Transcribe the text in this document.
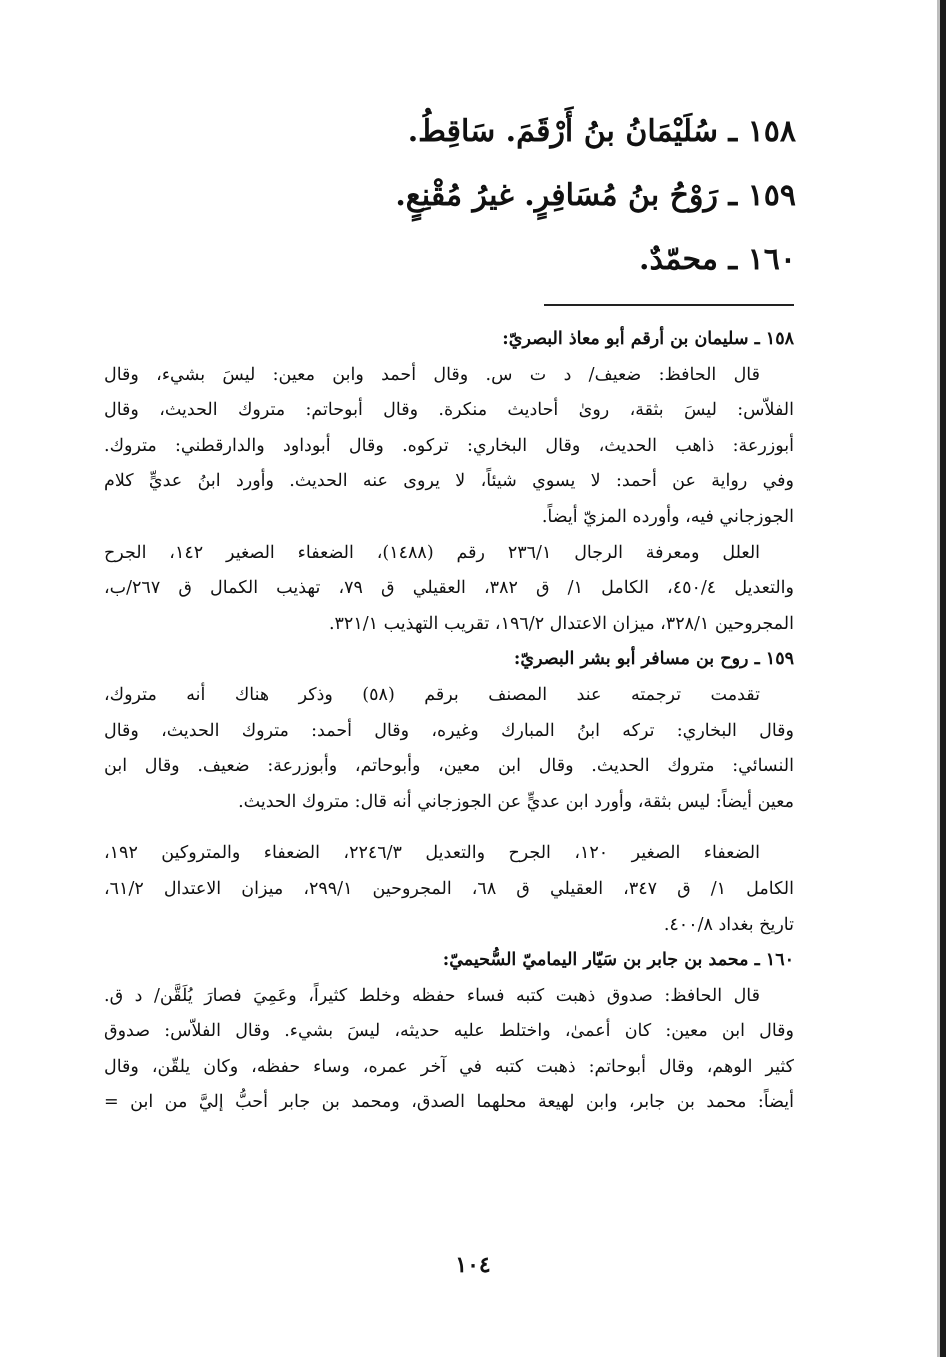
١٥٨ ـ سُلَيْمَانُ بنُ أَرْقَمَ. سَاقِطُ.
١٥٩ ـ رَوْحُ بنُ مُسَافِرٍ. غيرُ مُقْنِعٍ.
١٦٠ ـ محمّدٌ.
١٥٨ ـ سليمان بن أرقم أبو معاذ البصريّ:
قال الحافظ: ضعيف/ د ت س. وقال أحمد وابن معين: ليسَ بشيء، وقال
الفلاّس: ليسَ بثقة، روىٰ أحاديث منكرة. وقال أبوحاتم: متروك الحديث، وقال
أبوزرعة: ذاهب الحديث، وقال البخاري: تركوه. وقال أبوداود والدارقطني: متروك.
وفي رواية عن أحمد: لا يسوي شيئاً، لا يروى عنه الحديث. وأورد ابنُ عديٍّ كلام
الجوزجاني فيه، وأورده المزيّ أيضاً.
العلل ومعرفة الرجال ٢٣٦/١ رقم (١٤٨٨)، الضعفاء الصغير ١٤٢، الجرح
والتعديل ٤٥٠/٤، الكامل ١/ ق ٣٨٢، العقيلي ق ٧٩، تهذيب الكمال ق ٢٦٧/ب،
المجروحين ٣٢٨/١، ميزان الاعتدال ١٩٦/٢، تقريب التهذيب ٣٢١/١.
١٥٩ ـ روح بن مسافر أبو بشر البصريّ:
تقدمت ترجمته عند المصنف برقم (٥٨) وذكر هناك أنه متروك،
وقال البخاري: تركه ابنُ المبارك وغيره، وقال أحمد: متروك الحديث، وقال
النسائي: متروك الحديث. وقال ابن معين، وأبوحاتم، وأبوزرعة: ضعيف. وقال ابن
معين أيضاً: ليس بثقة، وأورد ابن عديٍّ عن الجوزجاني أنه قال: متروك الحديث.
الضعفاء الصغير ١٢٠، الجرح والتعديل ٢٢٤٦/٣، الضعفاء والمتروكين ١٩٢،
الكامل ١/ ق ٣٤٧، العقيلي ق ٦٨، المجروحين ٢٩٩/١، ميزان الاعتدال ٦١/٢،
تاريخ بغداد ٤٠٠/٨.
١٦٠ ـ محمد بن جابر بن سَيّار اليماميّ السُّحيميّ:
قال الحافظ: صدوق ذهبت كتبه فساء حفظه وخلط كثيراً، وعَمِيَ فصارَ يُلَقَّن/ د ق.
وقال ابن معين: كان أعمىٰ، واختلط عليه حديثه، ليسَ بشيء. وقال الفلاّس: صدوق
كثير الوهم، وقال أبوحاتم: ذهبت كتبه في آخر عمره، وساء حفظه، وكان يلقّن، وقال
أيضاً: محمد بن جابر، وابن لهيعة محلهما الصدق، ومحمد بن جابر أحبُّ إليَّ من ابن =
١٠٤
